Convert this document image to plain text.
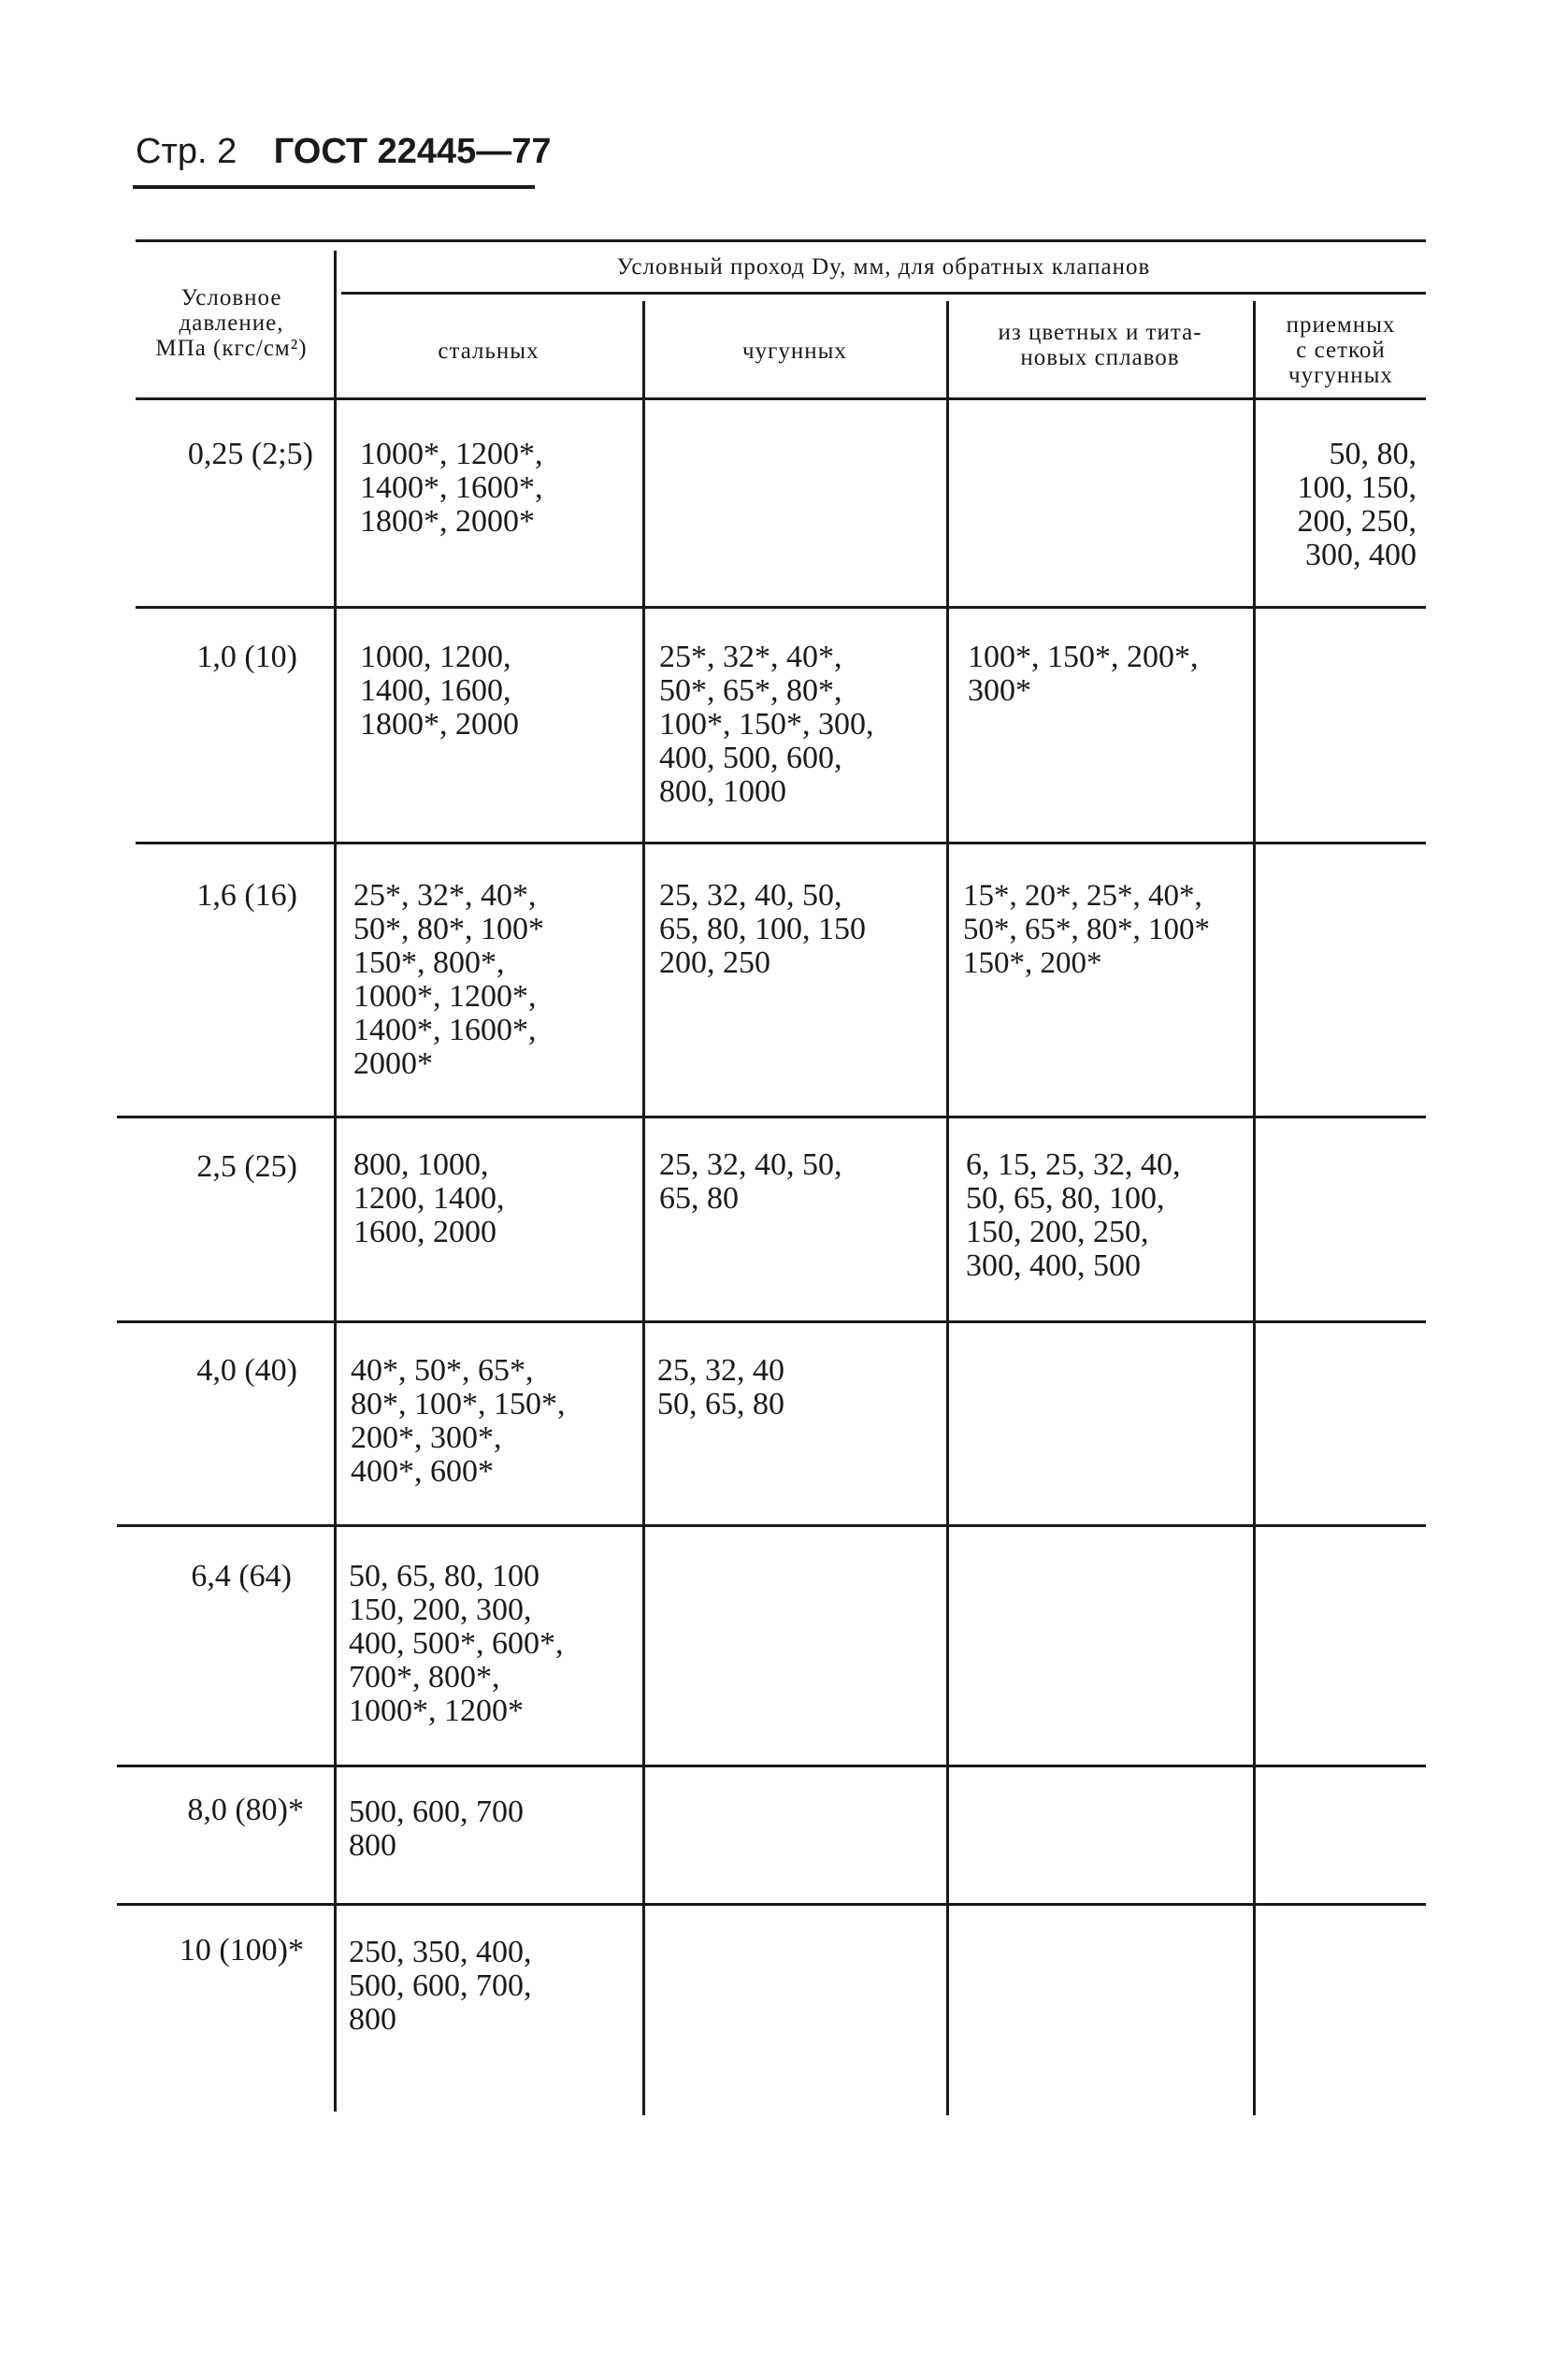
Стр. 2 ГОСТ 22445—77
Условное
давление,
МПа (кгс/см²)
Условный проход Dу, мм, для обратных клапанов
стальных	чугунных
из цветных и тита-
новых сплавов
приемных
с сеткой
чугунных
0,25 (2;5) 1000*, 1200*,
1400*, 1600*,
1800*, 2000*
50, 80,
100, 150,
200, 250,
300, 400
1,0 (10) 1000, 1200,
1400, 1600,
1800*, 2000
25*, 32*, 40*,
50*, 65*, 80*,
100*, 150*, 300,
400, 500, 600,
800, 1000
100*, 150*, 200*,
300*
1,6 (16) 25*, 32*, 40*,
50*, 80*, 100*
150*, 800*,
1000*, 1200*,
1400*, 1600*,
2000*
25, 32, 40, 50,
65, 80, 100, 150
200, 250
15*, 20*, 25*, 40*,
50*, 65*, 80*, 100*
150*, 200*
2,5 (25) 800, 1000,
1200, 1400,
1600, 2000
25, 32, 40, 50,
65, 80
6, 15, 25, 32, 40,
50, 65, 80, 100,
150, 200, 250,
300, 400, 500
4,0 (40) 40*, 50*, 65*,
80*, 100*, 150*,
200*, 300*,
400*, 600*
25, 32, 40
50, 65, 80
6,4 (64) 50, 65, 80, 100
150, 200, 300,
400, 500*, 600*,
700*, 800*,
1000*, 1200*
8,0 (80)* 500, 600, 700
800
10 (100)* 250, 350, 400,
500, 600, 700,
800
